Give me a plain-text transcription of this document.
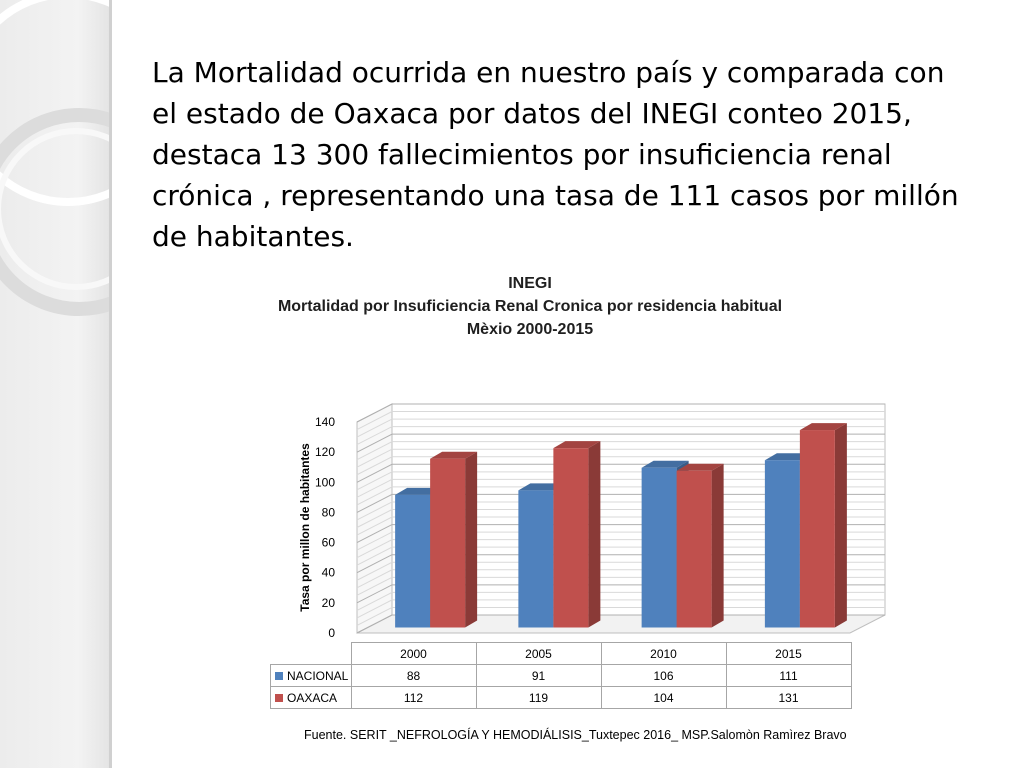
La Mortalidad ocurrida en nuestro país y comparada con el estado de Oaxaca por datos del INEGI conteo 2015, destaca 13 300 fallecimientos por insuficiencia renal crónica , representando una tasa de 111 casos por millón de habitantes.

INEGI
Mortalidad por Insuficiencia Renal Cronica por residencia habitual
Mèxio 2000-2015
0
20
40
60
80
100
120
140
Tasa por millon de habitantes
	2000	2005	2010	2015
NACIONAL	88	91	106	111
OAXACA	112	119	104	131
Fuente. SERIT _NEFROLOGÍA Y HEMODIÁLISIS_Tuxtepec 2016_ MSP.Salomòn Ramìrez Bravo
